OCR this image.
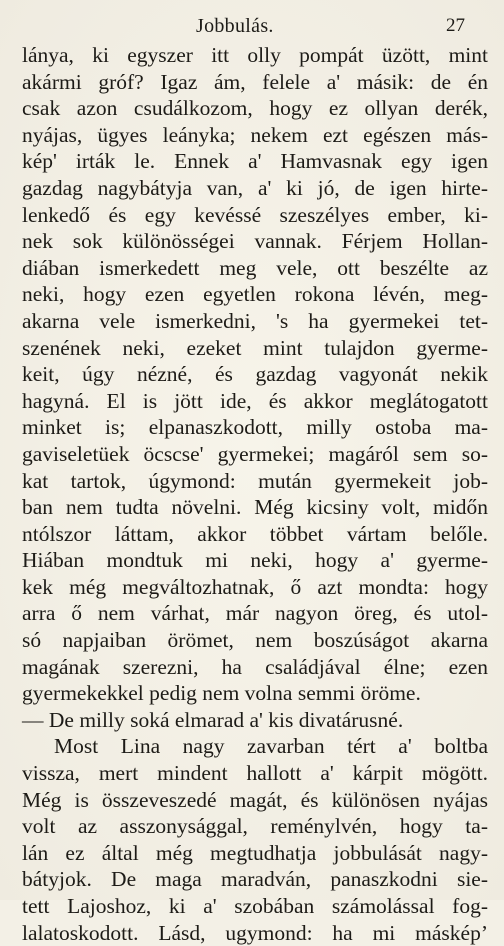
Jobbulás.	27
lánya, ki egyszer itt olly pompát üzött, mint
akármi gróf? Igaz ám, felele a' másik: de én
csak azon csudálkozom, hogy ez ollyan derék,
nyájas, ügyes leányka; nekem ezt egészen más-
kép' irták le. Ennek a' Hamvasnak egy igen
gazdag nagybátyja van, a' ki jó, de igen hirte-
lenkedő és egy kevéssé szeszélyes ember, ki-
nek sok különösségei vannak. Férjem Hollan-
diában ismerkedett meg vele, ott beszélte az
neki, hogy ezen egyetlen rokona lévén, meg-
akarna vele ismerkedni, 's ha gyermekei tet-
szenének neki, ezeket mint tulajdon gyerme-
keit, úgy nézné, és gazdag vagyonát nekik
hagyná. El is jött ide, és akkor meglátogatott
minket is; elpanaszkodott, milly ostoba ma-
gaviseletüek öcscse' gyermekei; magáról sem so-
kat tartok, úgymond: mután gyermekeit job-
ban nem tudta növelni. Még kicsiny volt, midőn
ntólszor láttam, akkor többet vártam belőle.
Hiában mondtuk mi neki, hogy a' gyerme-
kek még megváltozhatnak, ő azt mondta: hogy
arra ő nem várhat, már nagyon öreg, és utol-
só napjaiban örömet, nem boszúságot akarna
magának szerezni, ha családjával élne; ezen
gyermekekkel pedig nem volna semmi öröme.
— De milly soká elmarad a' kis divatárusné.
Most Lina nagy zavarban tért a' boltba
vissza, mert mindent hallott a' kárpit mögött.
Még is összeveszedé magát, és különösen nyájas
volt az asszonysággal, reménylvén, hogy ta-
lán ez által még megtudhatja jobbulását nagy-
bátyjok. De maga maradván, panaszkodni sie-
tett Lajoshoz, ki a' szobában számolással fog-
lalatoskodott. Lásd, ugymond: ha mi másképʼ
